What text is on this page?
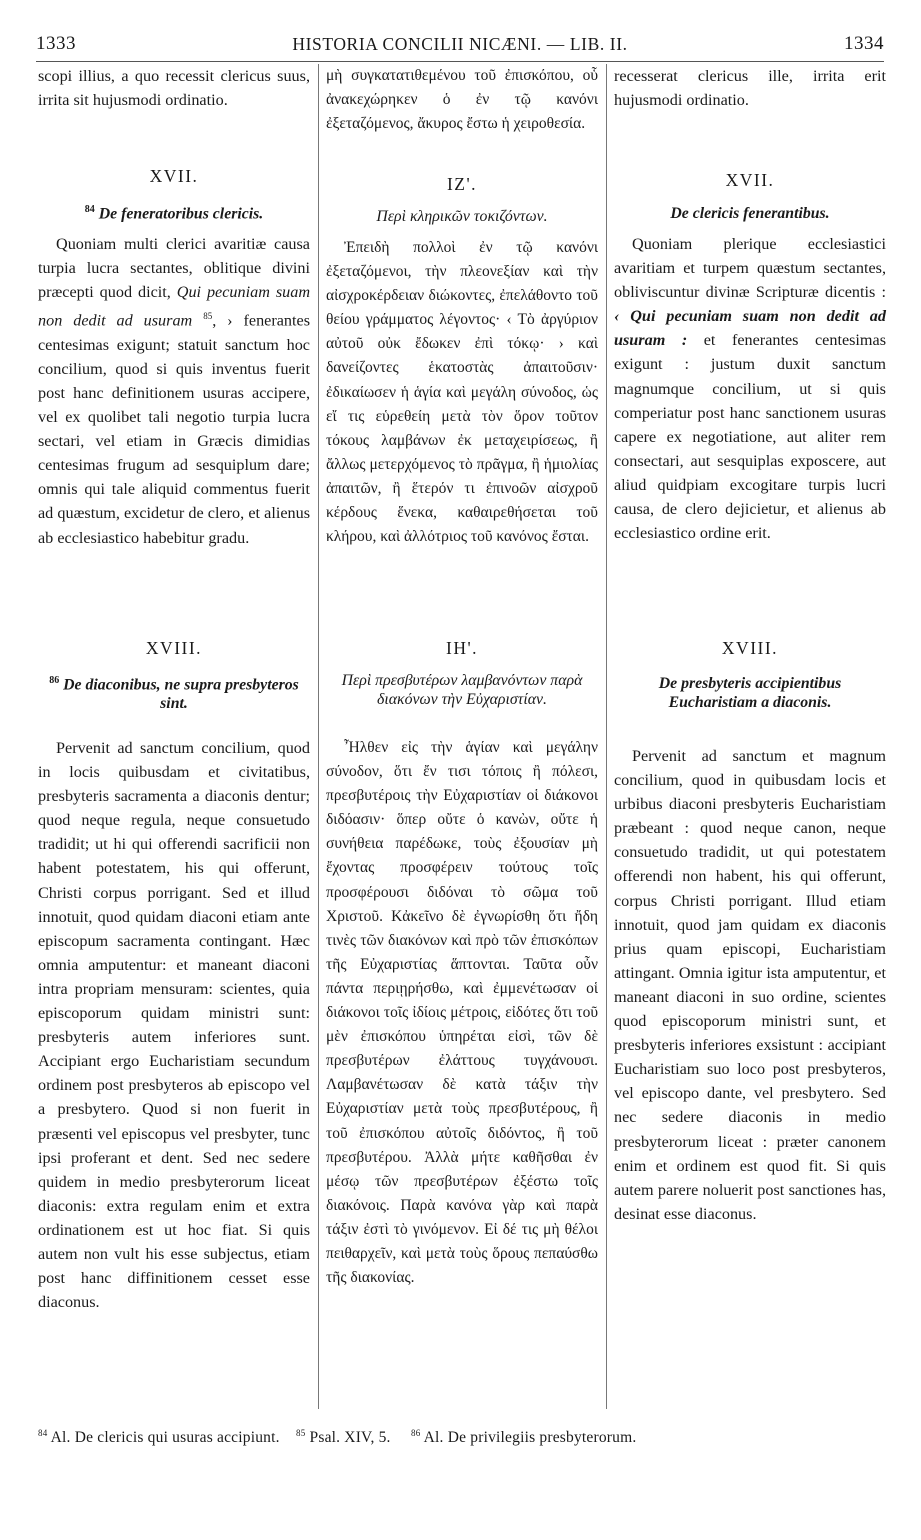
1333	HISTORIA CONCILII NICÆNI. — LIB. II.	1334

scopi illius, a quo recessit clericus suus, irrita sit hujusmodi ordinatio.

XVII.

$^{84}$ De feneratoribus clericis.

Quoniam multi clerici avaritiæ causa turpia lucra sectantes, oblitique divini præcepti quod dicit, Qui pecuniam suam non dedit ad usuram $^{85}$, › fenerantes centesimas exigunt; statuit sanctum hoc concilium, quod si quis inventus fuerit post hanc definitionem usuras accipere, vel ex quolibet tali negotio turpia lucra sectari, vel etiam in Græcis dimidias centesimas frugum ad sesquiplum dare; omnis qui tale aliquid commentus fuerit ad quæstum, excidetur de clero, et alienus ab ecclesiastico habebitur gradu.

XVIII.

$^{86}$ De diaconibus, ne supra presbyteros sint.

Pervenit ad sanctum concilium, quod in locis quibusdam et civitatibus, presbyteris sacramenta a diaconis dentur; quod neque regula, neque consuetudo tradidit; ut hi qui offerendi sacrificii non habent potestatem, his qui offerunt, Christi corpus porrigant. Sed et illud innotuit, quod quidam diaconi etiam ante episcopum sacramenta contingant. Hæc omnia amputentur: et maneant diaconi intra propriam mensuram: scientes, quia episcoporum quidam ministri sunt: presbyteris autem inferiores sunt. Accipiant ergo Eucharistiam secundum ordinem post presbyteros ab episcopo vel a presbytero. Quod si non fuerit in præsenti vel episcopus vel presbyter, tunc ipsi proferant et dent. Sed nec sedere quidem in medio presbyterorum liceat diaconis: extra regulam enim et extra ordinationem est ut hoc fiat. Si quis autem non vult his esse subjectus, etiam post hanc diffinitionem cesset esse diaconus.

μὴ συγκατατιθεμένου τοῦ ἐπισκόπου, οὗ ἀνακεχώρηκεν ὁ ἐν τῷ κανόνι ἐξεταζόμενος, ἄκυρος ἔστω ἡ χειροθεσία.

ΙΖ'.

Περὶ κληρικῶν τοκιζόντων.

Ἐπειδὴ πολλοὶ ἐν τῷ κανόνι ἐξεταζόμενοι, τὴν πλεονεξίαν καὶ τὴν αἰσχροκέρδειαν διώκοντες, ἐπελάθοντο τοῦ θείου γράμματος λέγοντος· ‹ Τὸ ἀργύριον αὐτοῦ οὐκ ἔδωκεν ἐπὶ τόκῳ· › καὶ δανείζοντες ἑκατοστὰς ἀπαιτοῦσιν· ἐδικαίωσεν ἡ ἁγία καὶ μεγάλη σύνοδος, ὡς εἴ τις εὑρεθείη μετὰ τὸν ὅρον τοῦτον τόκους λαμβάνων ἐκ μεταχειρίσεως, ἢ ἄλλως μετερχόμενος τὸ πρᾶγμα, ἢ ἡμιολίας ἀπαιτῶν, ἢ ἕτερόν τι ἐπινοῶν αἰσχροῦ κέρδους ἕνεκα, καθαιρεθήσεται τοῦ κλήρου, καὶ ἀλλότριος τοῦ κανόνος ἔσται.

ΙΗ'.

Περὶ πρεσβυτέρων λαμβανόντων παρὰ διακόνων τὴν Εὐχαριστίαν.

Ἦλθεν εἰς τὴν ἁγίαν καὶ μεγάλην σύνοδον, ὅτι ἔν τισι τόποις ἢ πόλεσι, πρεσβυτέροις τὴν Εὐχαριστίαν οἱ διάκονοι διδόασιν· ὅπερ οὔτε ὁ κανὼν, οὔτε ἡ συνήθεια παρέδωκε, τοὺς ἐξουσίαν μὴ ἔχοντας προσφέρειν τούτους τοῖς προσφέρουσι διδόναι τὸ σῶμα τοῦ Χριστοῦ. Κἀκεῖνο δὲ ἐγνωρίσθη ὅτι ἤδη τινὲς τῶν διακόνων καὶ πρὸ τῶν ἐπισκόπων τῆς Εὐχαριστίας ἅπτονται. Ταῦτα οὖν πάντα περιῃρήσθω, καὶ ἐμμενέτωσαν οἱ διάκονοι τοῖς ἰδίοις μέτροις, εἰδότες ὅτι τοῦ μὲν ἐπισκόπου ὑπηρέται εἰσὶ, τῶν δὲ πρεσβυτέρων ἐλάττους τυγχάνουσι. Λαμβανέτωσαν δὲ κατὰ τάξιν τὴν Εὐχαριστίαν μετὰ τοὺς πρεσβυτέρους, ἢ τοῦ ἐπισκόπου αὐτοῖς διδόντος, ἢ τοῦ πρεσβυτέρου. Ἀλλὰ μήτε καθῆσθαι ἐν μέσῳ τῶν πρεσβυτέρων ἐξέστω τοῖς διακόνοις. Παρὰ κανόνα γὰρ καὶ παρὰ τάξιν ἐστὶ τὸ γινόμενον. Εἰ δέ τις μὴ θέλοι πειθαρχεῖν, καὶ μετὰ τοὺς ὅρους πεπαύσθω τῆς διακονίας.

recesserat clericus ille, irrita erit hujusmodi ordinatio.

XVII.

De clericis fenerantibus.

Quoniam plerique ecclesiastici avaritiam et turpem quæstum sectantes, obliviscuntur divinæ Scripturæ dicentis : ‹ Qui pecuniam suam non dedit ad usuram : et fenerantes centesimas exigunt : justum duxit sanctum magnumque concilium, ut si quis comperiatur post hanc sanctionem usuras capere ex negotiatione, aut aliter rem consectari, aut sesquiplas exposcere, aut aliud quidpiam excogitare turpis lucri causa, de clero dejicietur, et alienus ab ecclesiastico ordine erit.

XVIII.

De presbyteris accipientibus Eucharistiam a diaconis.

Pervenit ad sanctum et magnum concilium, quod in quibusdam locis et urbibus diaconi presbyteris Eucharistiam præbeant : quod neque canon, neque consuetudo tradidit, ut qui potestatem offerendi non habent, his qui offerunt, corpus Christi porrigant. Illud etiam innotuit, quod jam quidam ex diaconis prius quam episcopi, Eucharistiam attingant. Omnia igitur ista amputentur, et maneant diaconi in suo ordine, scientes quod episcoporum ministri sunt, et presbyteris inferiores exsistunt : accipiant Eucharistiam suo loco post presbyteros, vel episcopo dante, vel presbytero. Sed nec sedere diaconis in medio presbyterorum liceat : præter canonem enim et ordinem est quod fit. Si quis autem parere noluerit post sanctiones has, desinat esse diaconus.

$^{84}$ Al. De clericis qui usuras accipiunt. $^{85}$ Psal. XIV, 5. $^{86}$ Al. De privilegiis presbyterorum.
